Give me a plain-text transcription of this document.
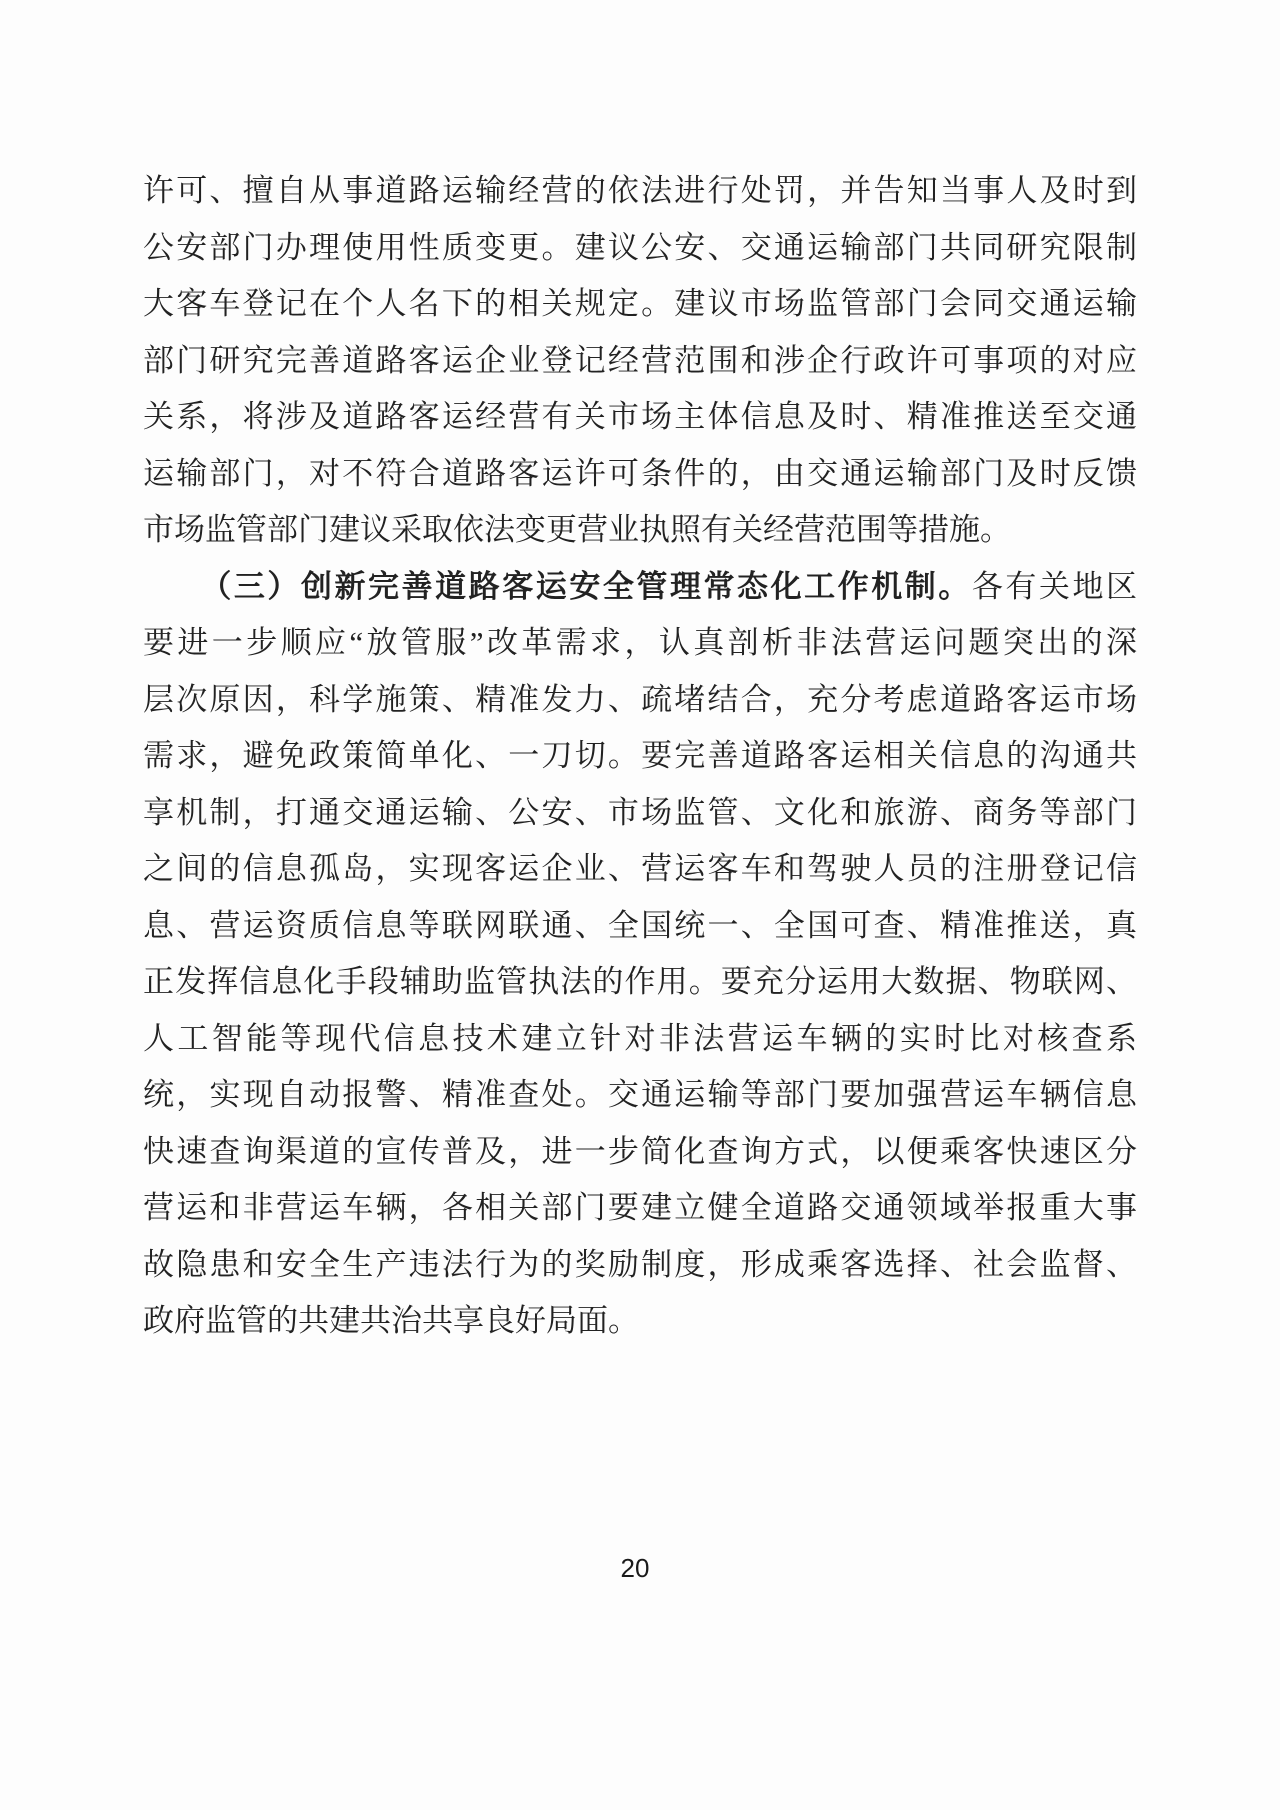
许可、擅自从事道路运输经营的依法进行处罚，并告知当事人及时到
公安部门办理使用性质变更。建议公安、交通运输部门共同研究限制
大客车登记在个人名下的相关规定。建议市场监管部门会同交通运输
部门研究完善道路客运企业登记经营范围和涉企行政许可事项的对应
关系，将涉及道路客运经营有关市场主体信息及时、精准推送至交通
运输部门，对不符合道路客运许可条件的，由交通运输部门及时反馈
市场监管部门建议采取依法变更营业执照有关经营范围等措施。
（三）创新完善道路客运安全管理常态化工作机制。各有关地区
要进一步顺应“放管服”改革需求，认真剖析非法营运问题突出的深
层次原因，科学施策、精准发力、疏堵结合，充分考虑道路客运市场
需求，避免政策简单化、一刀切。要完善道路客运相关信息的沟通共
享机制，打通交通运输、公安、市场监管、文化和旅游、商务等部门
之间的信息孤岛，实现客运企业、营运客车和驾驶人员的注册登记信
息、营运资质信息等联网联通、全国统一、全国可查、精准推送，真
正发挥信息化手段辅助监管执法的作用。要充分运用大数据、物联网、
人工智能等现代信息技术建立针对非法营运车辆的实时比对核查系
统，实现自动报警、精准查处。交通运输等部门要加强营运车辆信息
快速查询渠道的宣传普及，进一步简化查询方式，以便乘客快速区分
营运和非营运车辆，各相关部门要建立健全道路交通领域举报重大事
故隐患和安全生产违法行为的奖励制度，形成乘客选择、社会监督、
政府监管的共建共治共享良好局面。
20
